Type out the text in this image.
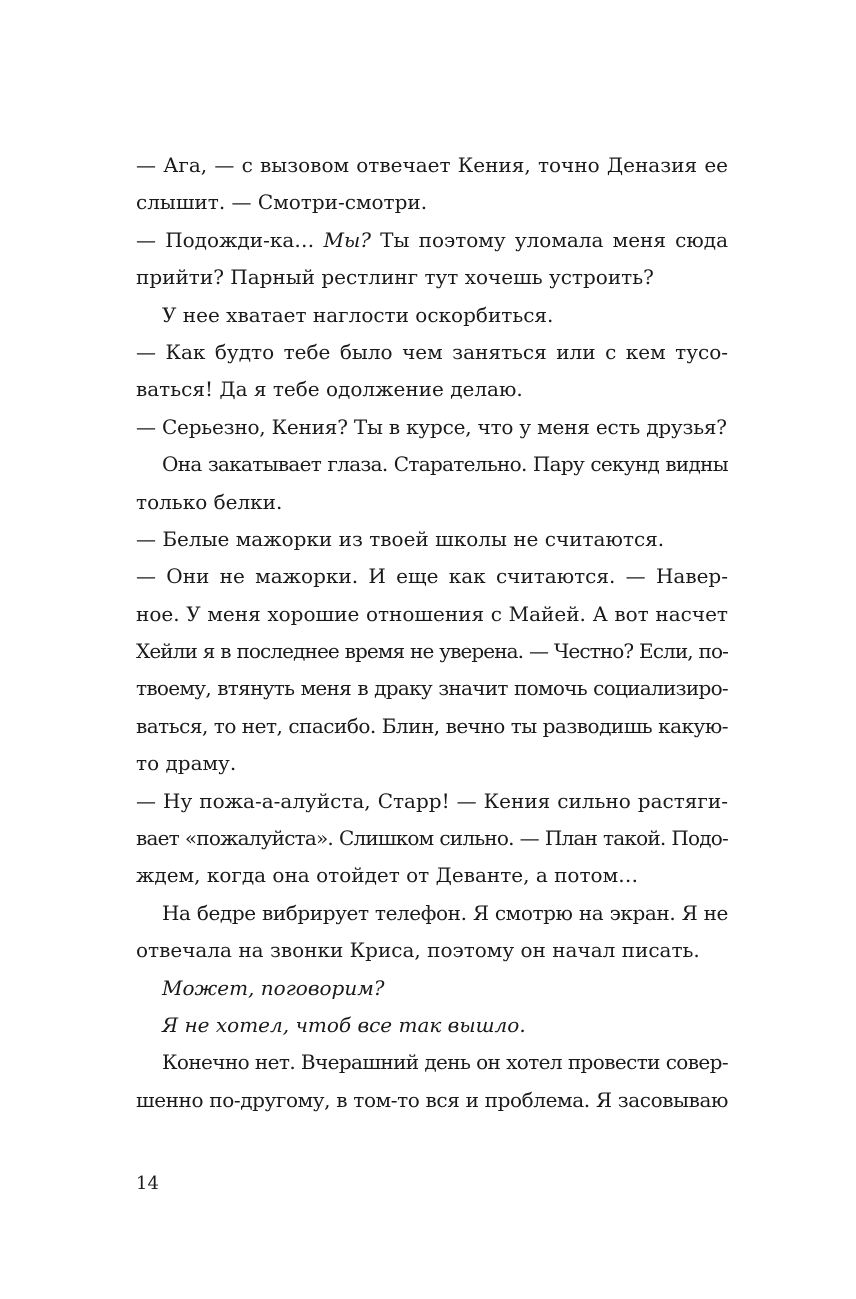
— Ага, — с вызовом отвечает Кения, точно Деназия ее
слышит. — Смотри-смотри.
— Подожди-ка… Мы? Ты поэтому уломала меня сюда
прийти? Парный рестлинг тут хочешь устроить?
У нее хватает наглости оскорбиться.
— Как будто тебе было чем заняться или с кем тусо-
ваться! Да я тебе одолжение делаю.
— Серьезно, Кения? Ты в курсе, что у меня есть друзья?
Она закатывает глаза. Старательно. Пару секунд видны
только белки.
— Белые мажорки из твоей школы не считаются.
— Они не мажорки. И еще как считаются. — Навер-
ное. У меня хорошие отношения с Майей. А вот насчет
Хейли я в последнее время не уверена. — Честно? Если, по-
твоему, втянуть меня в драку значит помочь социализиро-
ваться, то нет, спасибо. Блин, вечно ты разводишь какую-
то драму.
— Ну пожа-а-алуйста, Старр! — Кения сильно растяги-
вает «пожалуйста». Слишком сильно. — План такой. Подо-
ждем, когда она отойдет от Деванте, а потом…
На бедре вибрирует телефон. Я смотрю на экран. Я не
отвечала на звонки Криса, поэтому он начал писать.
Может, поговорим?
Я не хотел, чтоб все так вышло.
Конечно нет. Вчерашний день он хотел провести совер-
шенно по-другому, в том-то вся и проблема. Я засовываю
14
